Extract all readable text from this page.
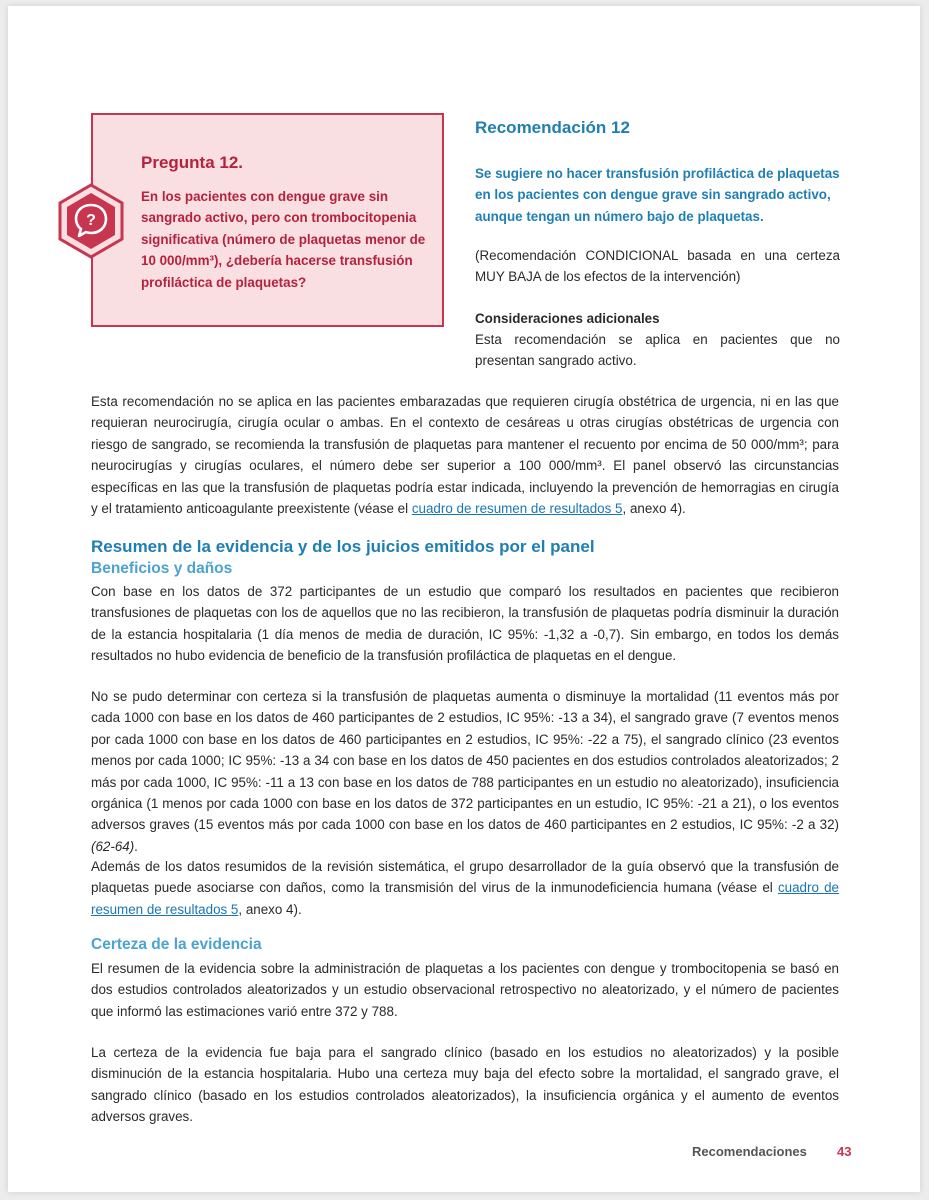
?

Pregunta 12.

En los pacientes con dengue grave sin sangrado activo, pero con trombocitopenia significativa (número de plaquetas menor de 10 000/mm³), ¿debería hacerse transfusión profiláctica de plaquetas?

Recomendación 12

Se sugiere no hacer transfusión profiláctica de plaquetas en los pacientes con dengue grave sin sangrado activo, aunque tengan un número bajo de plaquetas.

(Recomendación CONDICIONAL basada en una certeza MUY BAJA de los efectos de la intervención)

Consideraciones adicionales

Esta recomendación se aplica en pacientes que no presentan sangrado activo.

Esta recomendación no se aplica en las pacientes embarazadas que requieren cirugía obstétrica de urgencia, ni en las que requieran neurocirugía, cirugía ocular o ambas. En el contexto de cesáreas u otras cirugías obstétricas de urgencia con riesgo de sangrado, se recomienda la transfusión de plaquetas para mantener el recuento por encima de 50 000/mm³; para neurocirugías y cirugías oculares, el número debe ser superior a 100 000/mm³. El panel observó las circunstancias específicas en las que la transfusión de plaquetas podría estar indicada, incluyendo la prevención de hemorragias en cirugía y el tratamiento anticoagulante preexistente (véase el cuadro de resumen de resultados 5, anexo 4).

Resumen de la evidencia y de los juicios emitidos por el panel

Beneficios y daños

Con base en los datos de 372 participantes de un estudio que comparó los resultados en pacientes que recibieron transfusiones de plaquetas con los de aquellos que no las recibieron, la transfusión de plaquetas podría disminuir la duración de la estancia hospitalaria (1 día menos de media de duración, IC 95%: -1,32 a -0,7). Sin embargo, en todos los demás resultados no hubo evidencia de beneficio de la transfusión profiláctica de plaquetas en el dengue.

No se pudo determinar con certeza si la transfusión de plaquetas aumenta o disminuye la mortalidad (11 eventos más por cada 1000 con base en los datos de 460 participantes de 2 estudios, IC 95%: -13 a 34), el sangrado grave (7 eventos menos por cada 1000 con base en los datos de 460 participantes en 2 estudios, IC 95%: -22 a 75), el sangrado clínico (23 eventos menos por cada 1000; IC 95%: -13 a 34 con base en los datos de 450 pacientes en dos estudios controlados aleatorizados; 2 más por cada 1000, IC 95%: -11 a 13 con base en los datos de 788 participantes en un estudio no aleatorizado), insuficiencia orgánica (1 menos por cada 1000 con base en los datos de 372 participantes en un estudio, IC 95%: -21 a 21), o los eventos adversos graves (15 eventos más por cada 1000 con base en los datos de 460 participantes en 2 estudios, IC 95%: -2 a 32) (62-64).

Además de los datos resumidos de la revisión sistemática, el grupo desarrollador de la guía observó que la transfusión de plaquetas puede asociarse con daños, como la transmisión del virus de la inmunodeficiencia humana (véase el cuadro de resumen de resultados 5, anexo 4).

Certeza de la evidencia

El resumen de la evidencia sobre la administración de plaquetas a los pacientes con dengue y trombocitopenia se basó en dos estudios controlados aleatorizados y un estudio observacional retrospectivo no aleatorizado, y el número de pacientes que informó las estimaciones varió entre 372 y 788.

La certeza de la evidencia fue baja para el sangrado clínico (basado en los estudios no aleatorizados) y la posible disminución de la estancia hospitalaria. Hubo una certeza muy baja del efecto sobre la mortalidad, el sangrado grave, el sangrado clínico (basado en los estudios controlados aleatorizados), la insuficiencia orgánica y el aumento de eventos adversos graves.

Recomendaciones 43
